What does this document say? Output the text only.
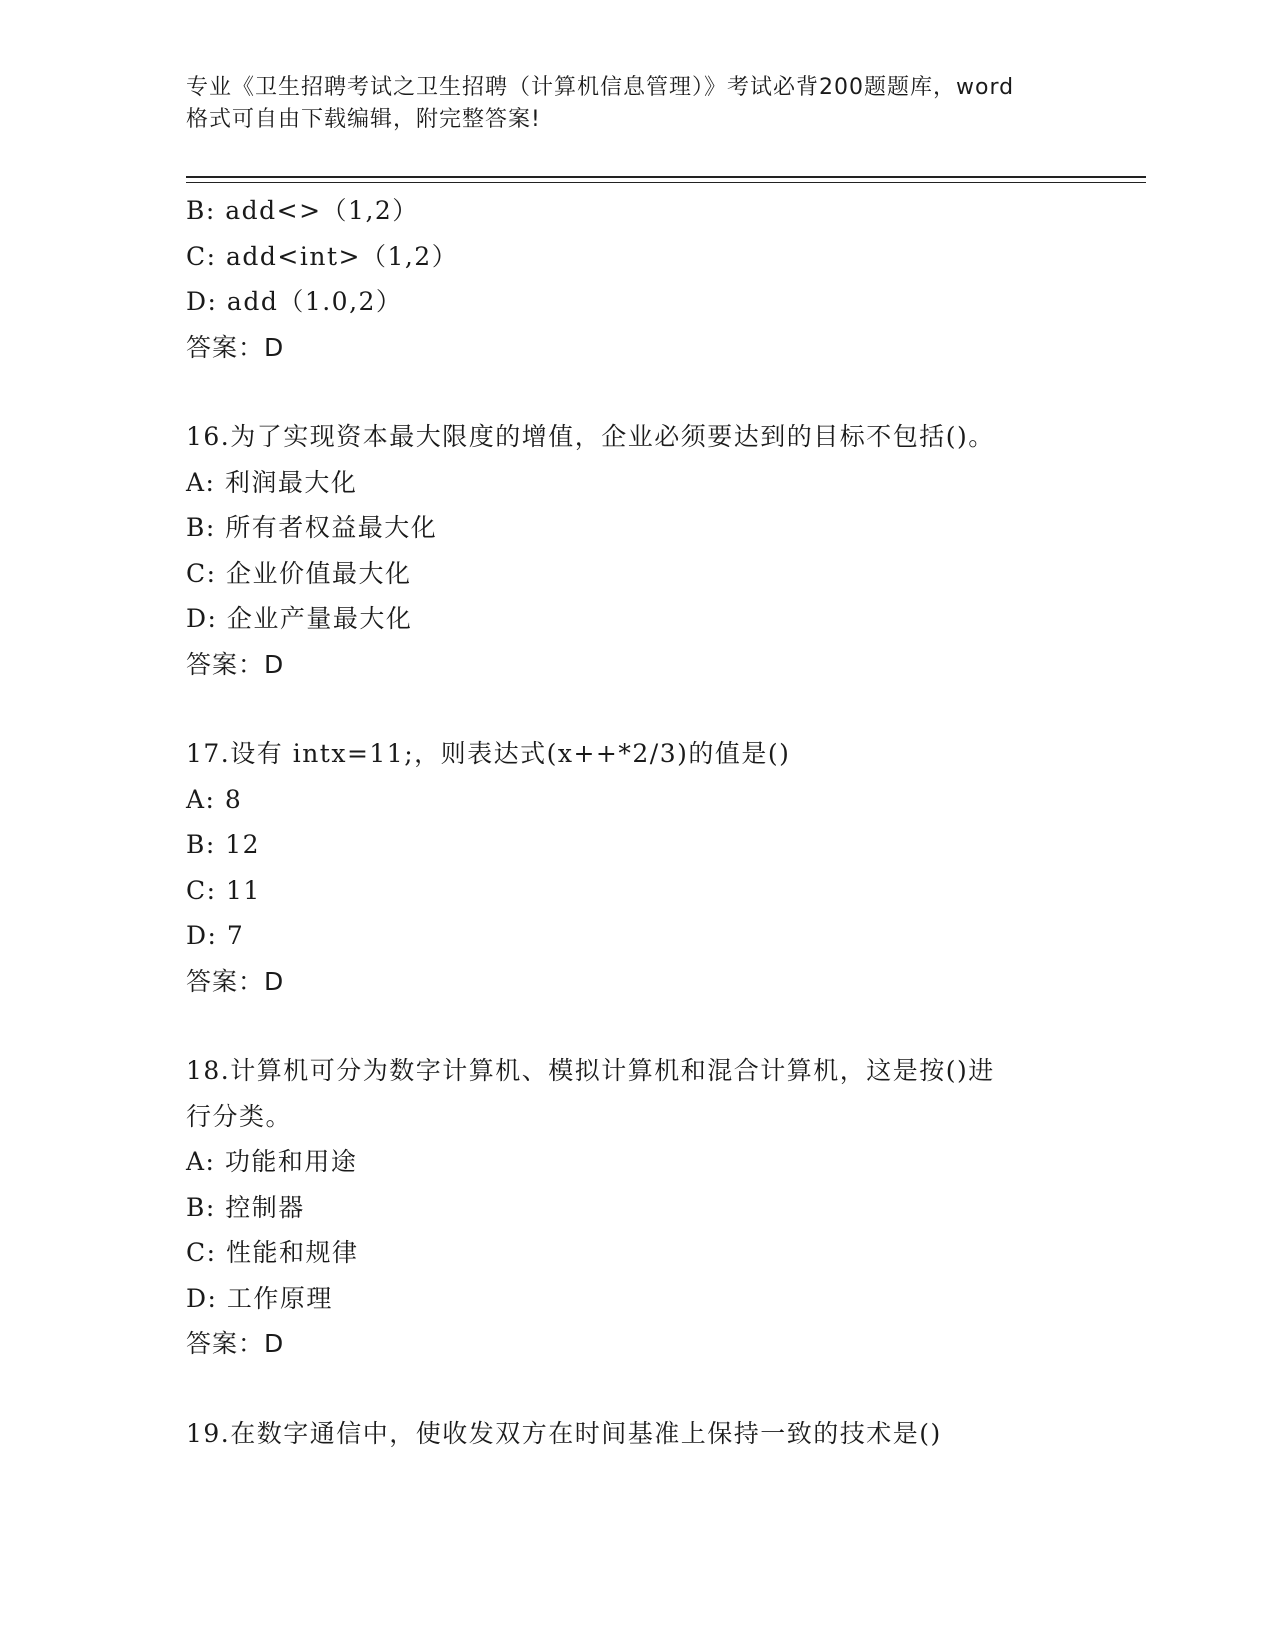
专业《卫生招聘考试之卫生招聘（计算机信息管理）》考试必背200题题库，word
格式可自由下载编辑，附完整答案!
B: add<>（1,2）
C: add<int>（1,2）
D: add（1.0,2）
答案：D
16.为了实现资本最大限度的增值，企业必须要达到的目标不包括()。
A: 利润最大化
B: 所有者权益最大化
C: 企业价值最大化
D: 企业产量最大化
答案：D
17.设有 intx=11;，则表达式(x++*2/3)的值是()
A: 8
B: 12
C: 11
D: 7
答案：D
18.计算机可分为数字计算机、模拟计算机和混合计算机，这是按()进
行分类。
A: 功能和用途
B: 控制器
C: 性能和规律
D: 工作原理
答案：D
19.在数字通信中，使收发双方在时间基准上保持一致的技术是()
